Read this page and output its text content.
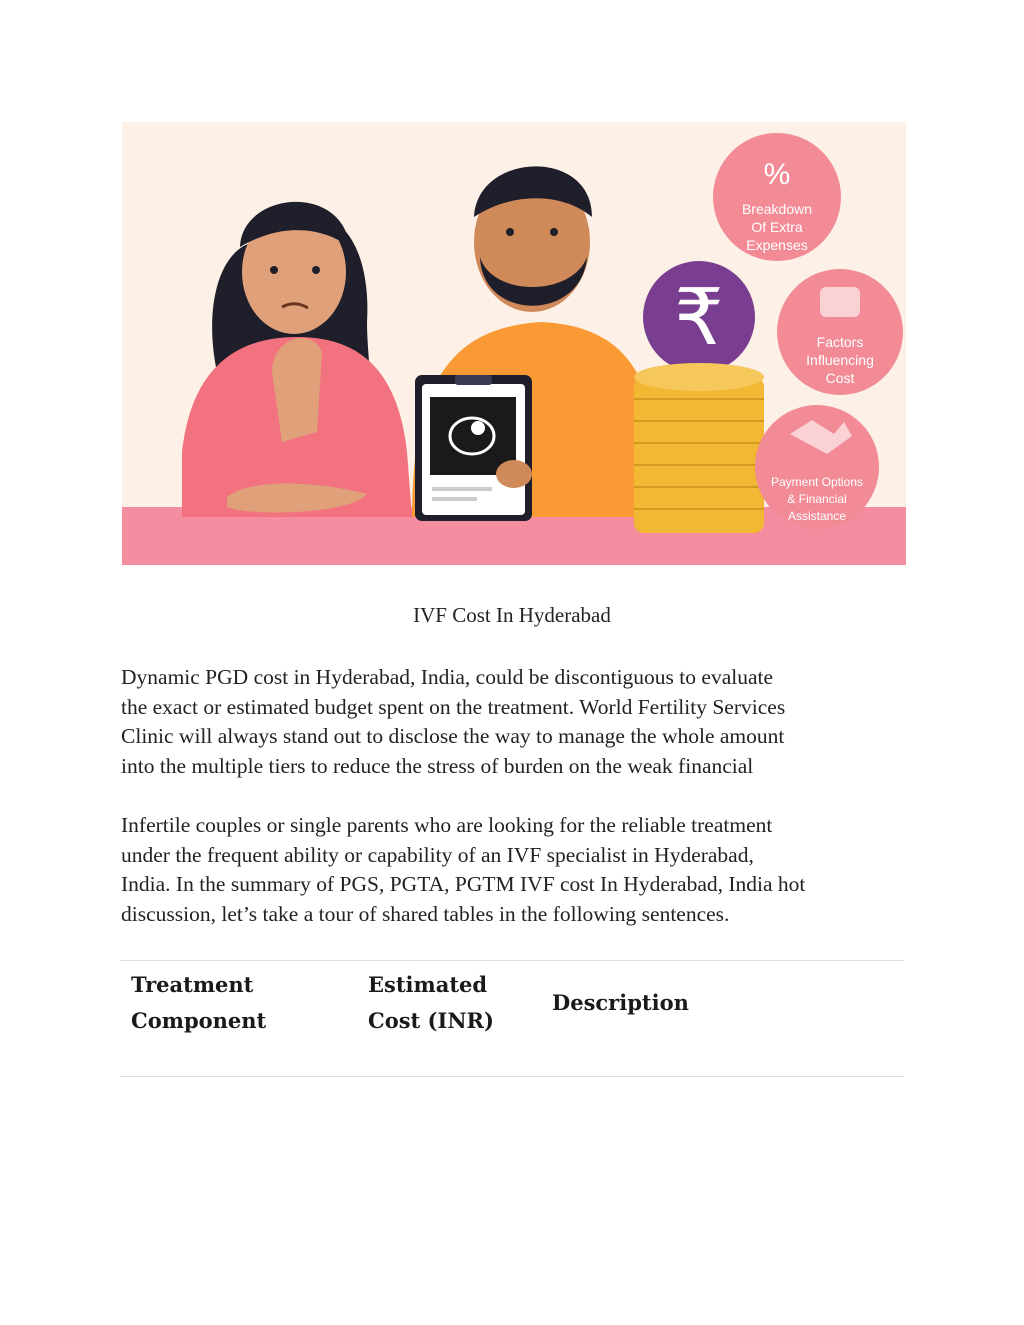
₹
%
Breakdown
Of Extra
Expenses
Factors
Influencing
Cost
Payment Options
& Financial
Assistance
IVF Cost In Hyderabad

Dynamic PGD cost in Hyderabad, India, could be discontiguous to evaluate
the exact or estimated budget spent on the treatment. World Fertility Services
Clinic will always stand out to disclose the way to manage the whole amount
into the multiple tiers to reduce the stress of burden on the weak financial

Infertile couples or single parents who are looking for the reliable treatment
under the frequent ability or capability of an IVF specialist in Hyderabad,
India. In the summary of PGS, PGTA, PGTM IVF cost In Hyderabad, India hot
discussion, let’s take a tour of shared tables in the following sentences.

Treatment
Component
Estimated
Cost (INR)
Description
